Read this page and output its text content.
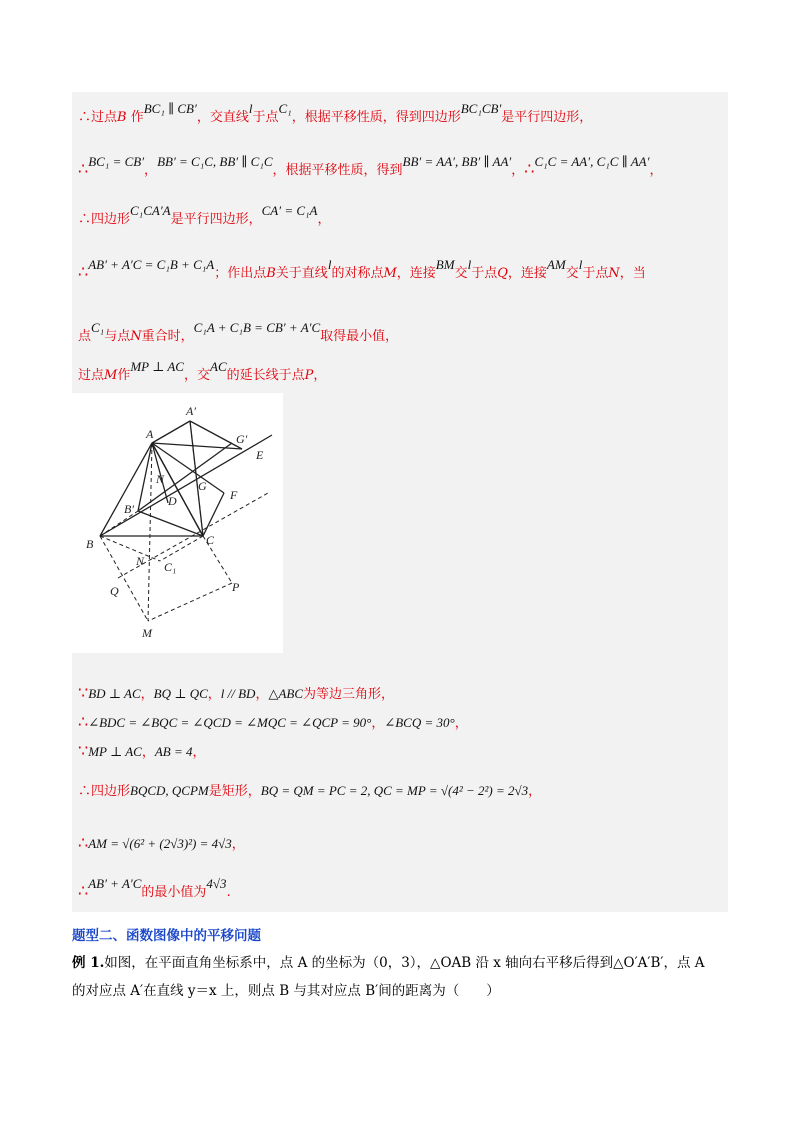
∴过点B 作BC₁ ∥ CB′，交直线l于点C₁，根据平移性质，得到四边形BC₁CB′是平行四边形，
∴BC₁ = CB′，BB′ = C₁C, BB′ ∥ C₁C，根据平移性质，得到BB′ = AA′, BB′ ∥ AA′，∴C₁C = AA′, C₁C ∥ AA′，
∴四边形C₁CA′A是平行四边形，CA′ = C₁A，
∴AB′ + A′C = C₁B + C₁A；作出点B关于直线l的对称点M，连接BM交l于点Q，连接AM交l于点N，当
点C₁与点N重合时，C₁A + C₁B = CB′ + A′C取得最小值，
过点M作MP ⊥ AC，交AC的延长线于点P，
A
A′
G′
E
G
F
N
D
B′
B	C
C₁
N
Q	P
M
∵BD ⊥ AC，BQ ⊥ QC，l // BD，△ABC为等边三角形，
∴∠BDC = ∠BQC = ∠QCD = ∠MQC = ∠QCP = 90°，∠BCQ = 30°，
∵MP ⊥ AC，AB = 4，
∴四边形BQCD, QCPM是矩形，BQ = QM = PC = 2, QC = MP = √(4² − 2²) = 2√3，
∴AM = √(6² + (2√3)²) = 4√3，
∴AB′ + A′C的最小值为4√3.
题型二、函数图像中的平移问题
例 1.如图，在平面直角坐标系中，点 A 的坐标为（0，3），△OAB 沿 x 轴向右平移后得到△O′A′B′，点 A
的对应点 A′在直线 y＝x 上，则点 B 与其对应点 B′间的距离为（　　）
